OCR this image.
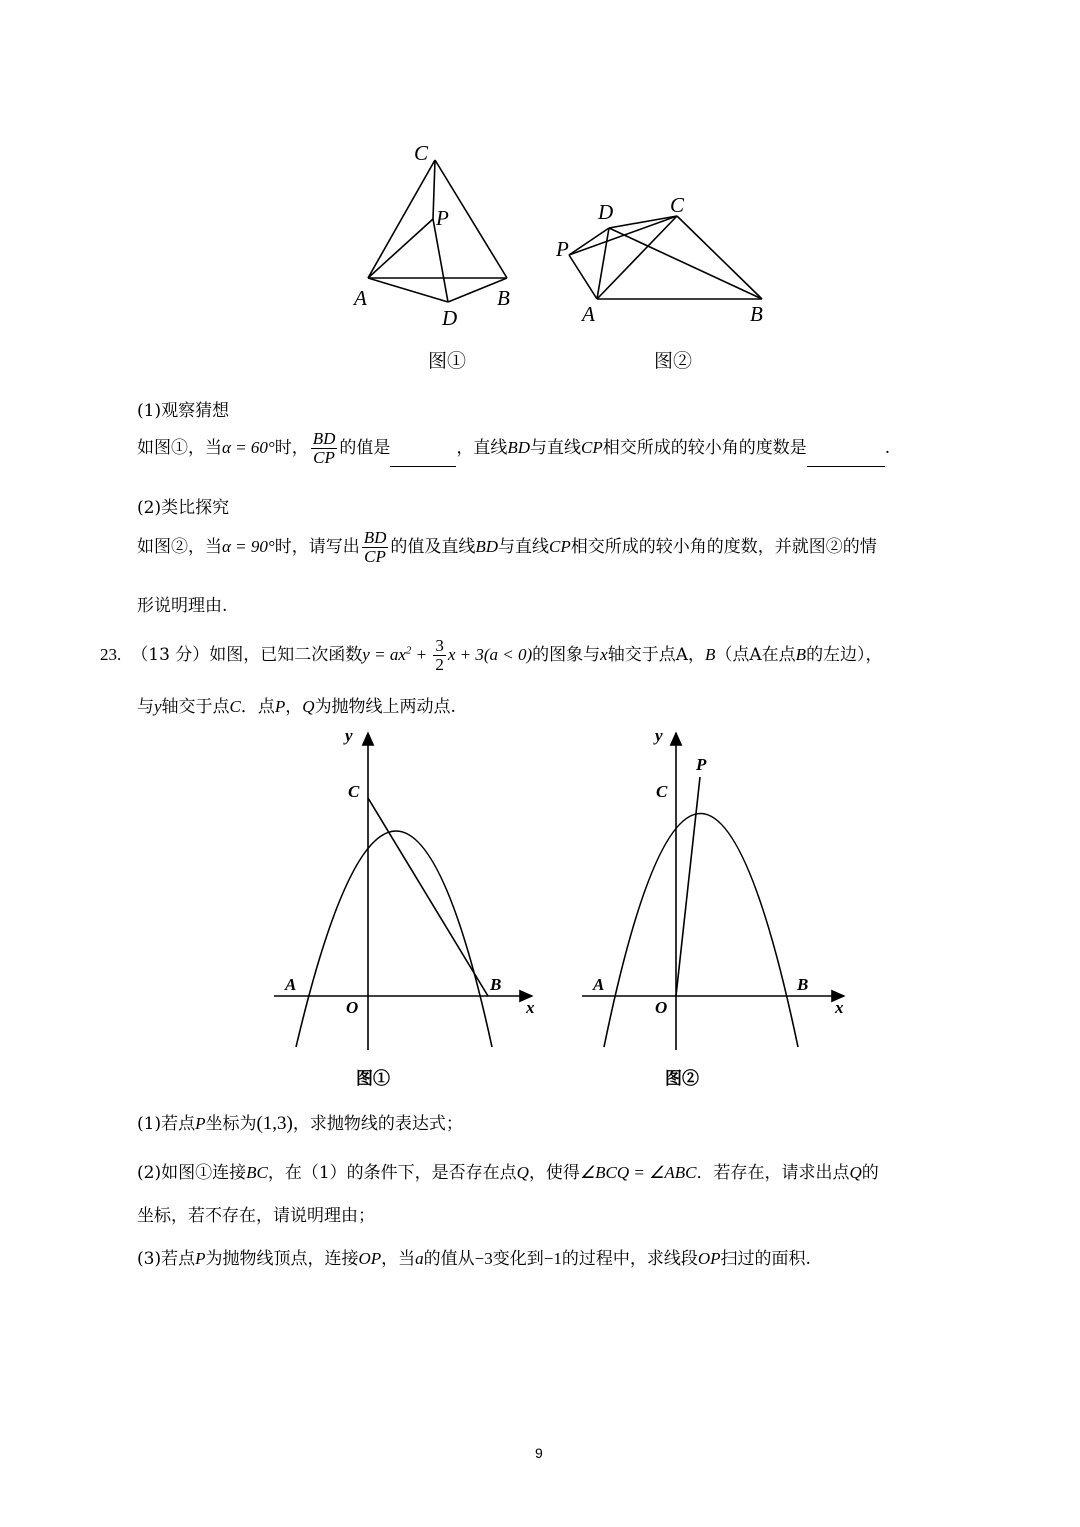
C
P
A	B
D
图①
D	C
P
A	B
图②
(1)观察猜想
如图①，当α = 60°时， $\frac{BD}{CP}$ 的值是	，直线BD与直线CP相交所成的较小角的度数是	.
(2)类比探究
如图②，当α = 90°时，请写出 $\frac{BD}{CP}$ 的值及直线BD与直线CP相交所成的较小角的度数，并就图②的情
形说明理由.
23. （13 分）如图，已知二次函数$y = ax^2 + \frac{3}{2}$ x + 3(a < 0)的图象与x轴交于点A，B（点A在点B的左边），
与y轴交于点C．点P，Q为抛物线上两动点.
y
x
C
A
O
B
图①
y
x
C
P
A
O
B
图②
(1)若点P坐标为(1,3)，求抛物线的表达式；
(2)如图①连接BC，在（1）的条件下，是否存在点Q，使得∠BCQ = ∠ABC．若存在，请求出点Q的
坐标，若不存在，请说明理由；
(3)若点P为抛物线顶点，连接OP，当a的值从−3变化到−1的过程中，求线段OP扫过的面积.
9
